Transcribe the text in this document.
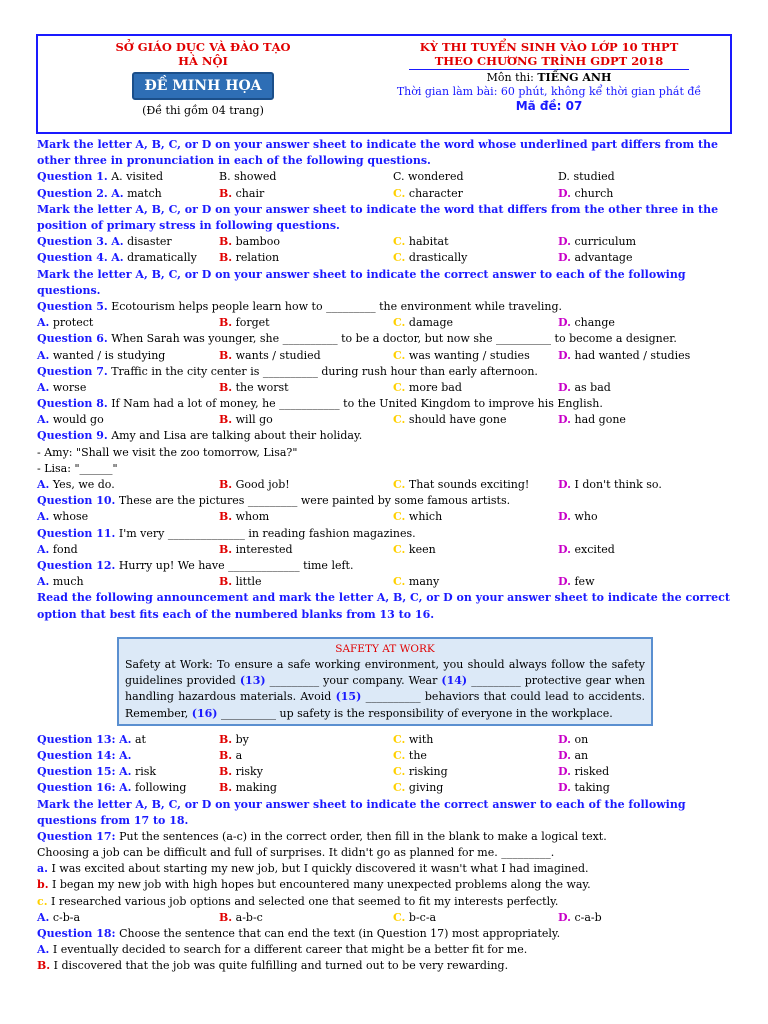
SỞ GIÁO DỤC VÀ ĐÀO TẠO
HÀ NỘI
ĐỀ MINH HỌA
(Đề thi gồm 04 trang)
KỲ THI TUYỂN SINH VÀO LỚP 10 THPT
THEO CHƯƠNG TRÌNH GDPT 2018
Môn thi: TIẾNG ANH
Thời gian làm bài: 60 phút, không kể thời gian phát đề
Mã đề: 07
Mark the letter A, B, C, or D on your answer sheet to indicate the word whose underlined part differs from the other three in pronunciation in each of the following questions.
Question 1. A. visited	B. showed	C. wondered	D. studied
Question 2. A. match	B. chair	C. character	D. church
Mark the letter A, B, C, or D on your answer sheet to indicate the word that differs from the other three in the position of primary stress in following questions.
Question 3. A. disaster	B. bamboo	C. habitat	D. curriculum
Question 4. A. dramatically B. relation	C. drastically	D. advantage
Mark the letter A, B, C, or D on your answer sheet to indicate the correct answer to each of the following questions.
Question 5. Ecotourism helps people learn how to _________ the environment while traveling.
A. protect	B. forget	C. damage	D. change
Question 6. When Sarah was younger, she __________ to be a doctor, but now she __________ to become a designer.
A. wanted / is studying	B. wants / studied	C. was wanting / studies	D. had wanted / studies
Question 7. Traffic in the city center is __________ during rush hour than early afternoon.
A. worse	B. the worst	C. more bad	D. as bad
Question 8. If Nam had a lot of money, he ___________ to the United Kingdom to improve his English.
A. would go	B. will go	C. should have gone	D. had gone
Question 9. Amy and Lisa are talking about their holiday.
- Amy: "Shall we visit the zoo tomorrow, Lisa?"
- Lisa: "______"
A. Yes, we do.	B. Good job!	C. That sounds exciting!	D. I don't think so.
Question 10. These are the pictures _________ were painted by some famous artists.
A. whose	B. whom	C. which	D. who
Question 11. I'm very ______________ in reading fashion magazines.
A. fond	B. interested	C. keen	D. excited
Question 12. Hurry up! We have _____________ time left.
A. much	B. little	C. many	D. few
Read the following announcement and mark the letter A, B, C, or D on your answer sheet to indicate the correct option that best fits each of the numbered blanks from 13 to 16.
SAFETY AT WORK
Safety at Work: To ensure a safe working environment, you should always follow the safety guidelines provided (13) _________ your company. Wear (14) _________ protective gear when handling hazardous materials. Avoid (15) __________ behaviors that could lead to accidents. Remember, (16) __________ up safety is the responsibility of everyone in the workplace.
Question 13: A. at	B. by	C. with	D. on
Question 14: A.	B. a	C. the	D. an
Question 15: A. risk	B. risky	C. risking	D. risked
Question 16: A. following	B. making	C. giving	D. taking
Mark the letter A, B, C, or D on your answer sheet to indicate the correct answer to each of the following questions from 17 to 18.
Question 17: Put the sentences (a-c) in the correct order, then fill in the blank to make a logical text.
Choosing a job can be difficult and full of surprises. It didn't go as planned for me. _________.
a. I was excited about starting my new job, but I quickly discovered it wasn't what I had imagined.
b. I began my new job with high hopes but encountered many unexpected problems along the way.
c. I researched various job options and selected one that seemed to fit my interests perfectly.
A. c-b-a	B. a-b-c	C. b-c-a	D. c-a-b
Question 18: Choose the sentence that can end the text (in Question 17) most appropriately.
A. I eventually decided to search for a different career that might be a better fit for me.
B. I discovered that the job was quite fulfilling and turned out to be very rewarding.
